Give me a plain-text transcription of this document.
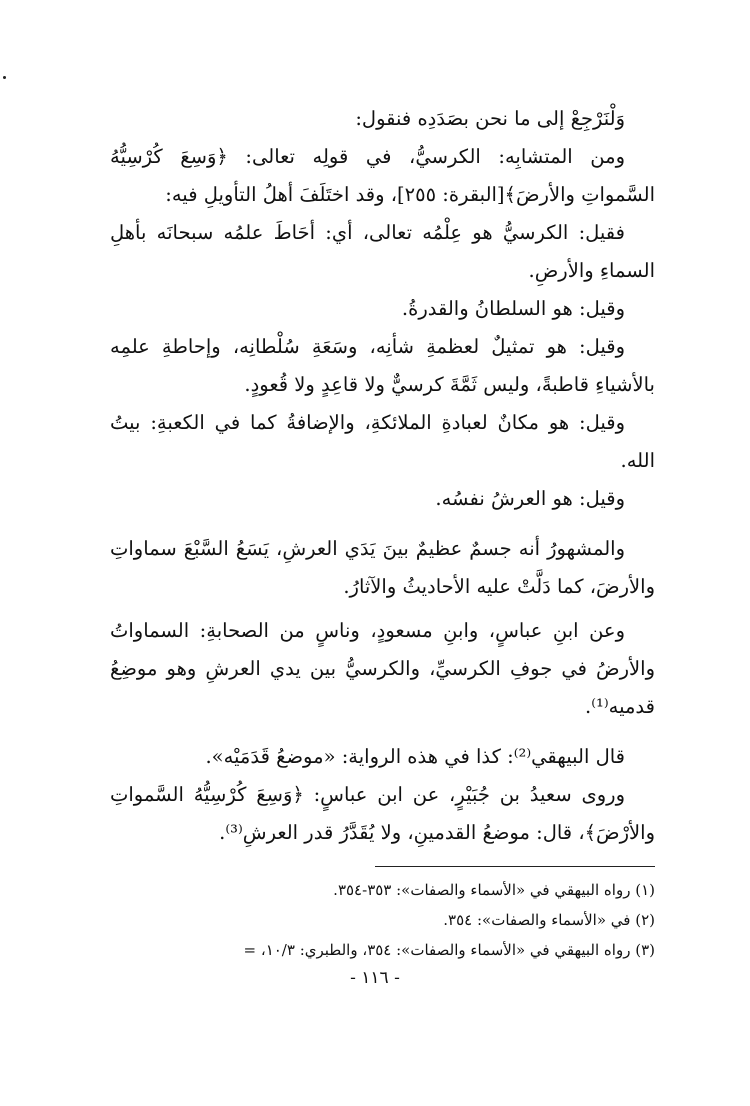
وَلْنَرْجِعْ إلى ما نحن بصَدَدِه فنقول:

ومن المتشابِه: الكرسيُّ، في قولِه تعالى: ﴿وَسِعَ كُرْسِيُّهُ السَّمواتِ والأرضَ﴾[البقرة: ٢٥٥]، وقد اختَلَفَ أهلُ التأويلِ فيه:

فقيل: الكرسيُّ هو عِلْمُه تعالى، أي: أحَاطَ علمُه سبحانَه بأهلِ السماءِ والأرضِ.

وقيل: هو السلطانُ والقدرةُ.

وقيل: هو تمثيلٌ لعظمةِ شأنِه، وسَعَةِ سُلْطانِه، وإحاطةِ علمِه بالأشياءِ قاطبةً، وليس ثَمَّةَ كرسيٌّ ولا قاعِدٍ ولا قُعودٍ.

وقيل: هو مكانٌ لعبادةِ الملائكةِ، والإضافةُ كما في الكعبةِ: بيتُ الله.

وقيل: هو العرشُ نفسُه.

والمشهورُ أنه جسمٌ عظيمٌ بينَ يَدَي العرشِ، يَسَعُ السَّبْعَ سماواتِ والأرضَ، كما دَلَّتْ عليه الأحاديثُ والآثارُ.

وعن ابنِ عباسٍ، وابنِ مسعودٍ، وناسٍ من الصحابةِ: السماواتُ والأرضُ في جوفِ الكرسيِّ، والكرسيُّ بين يدي العرشِ وهو موضِعُ قدميه⁽¹⁾.

قال البيهقي⁽²⁾: كذا في هذه الرواية: «موضعُ قَدَمَيْه».

وروى سعيدُ بن جُبَيْرٍ، عن ابن عباسٍ: ﴿وَسِعَ كُرْسِيُّهُ السَّمواتِ والأرْضَ﴾، قال: موضعُ القدمينِ، ولا يُقَدَّرُ قدر العرشِ⁽³⁾.

(١) رواه البيهقي في «الأسماء والصفات»: ٣٥٣-٣٥٤.

(٢) في «الأسماء والصفات»: ٣٥٤.

(٣) رواه البيهقي في «الأسماء والصفات»: ٣٥٤، والطبري: ١٠/٣، =

- ١١٦ -
